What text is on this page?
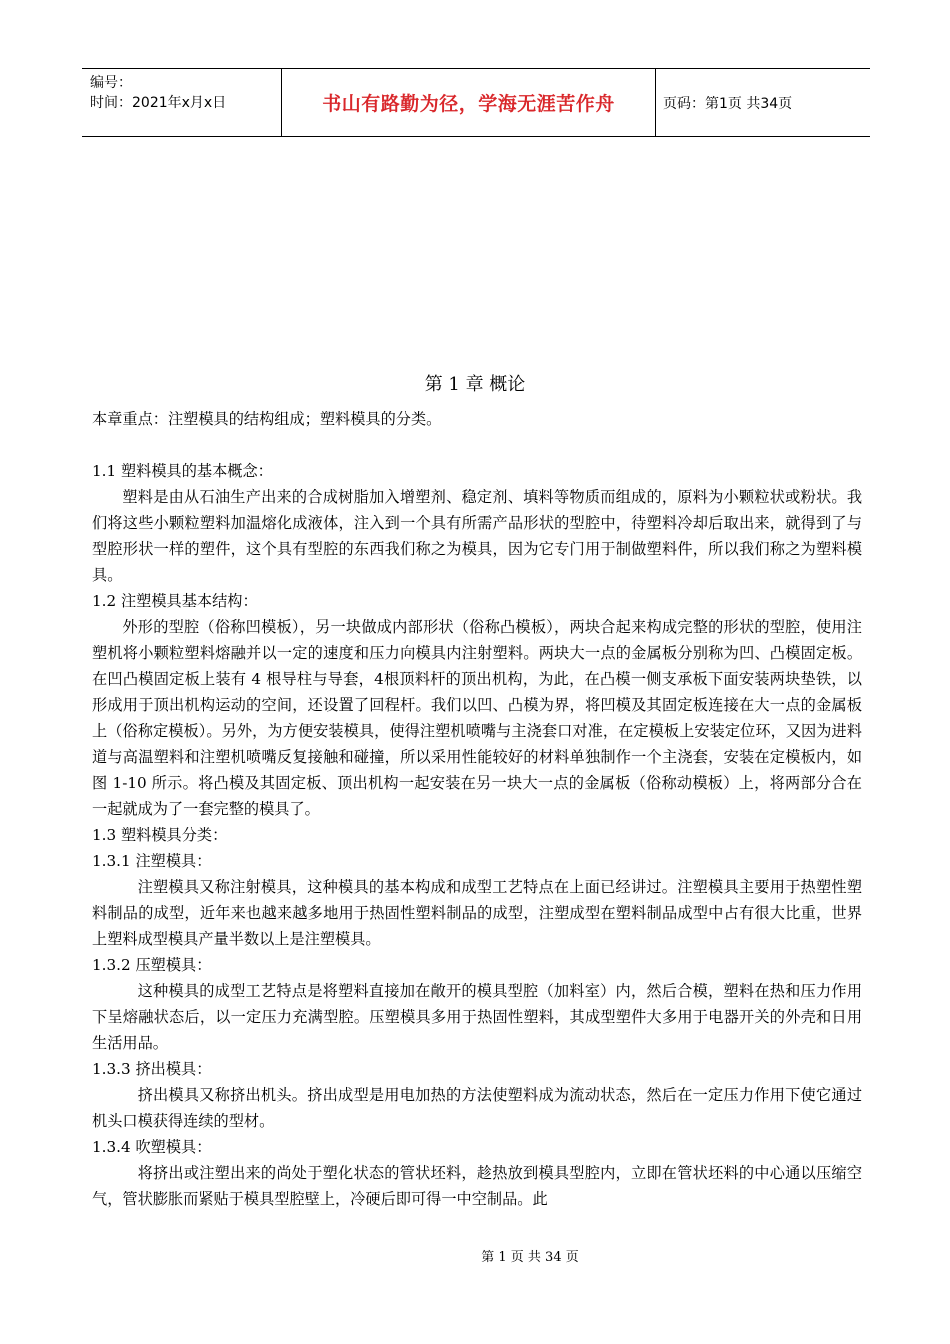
编号：
时间：2021年x月x日	书山有路勤为径，学海无涯苦作舟	页码：第1页 共34页
第 1 章 概论

本章重点：注塑模具的结构组成；塑料模具的分类。

1.1 塑料模具的基本概念：

塑料是由从石油生产出来的合成树脂加入增塑剂、稳定剂、填料等物质而组成的，原料为小颗粒状或粉状。我们将这些小颗粒塑料加温熔化成液体，注入到一个具有所需产品形状的型腔中，待塑料冷却后取出来，就得到了与型腔形状一样的塑件，这个具有型腔的东西我们称之为模具，因为它专门用于制做塑料件，所以我们称之为塑料模具。

1.2 注塑模具基本结构：

外形的型腔（俗称凹模板），另一块做成内部形状（俗称凸模板），两块合起来构成完整的形状的型腔，使用注塑机将小颗粒塑料熔融并以一定的速度和压力向模具内注射塑料。两块大一点的金属板分别称为凹、凸模固定板。在凹凸模固定板上装有 4 根导柱与导套，4根顶料杆的顶出机构，为此，在凸模一侧支承板下面安装两块垫铁，以形成用于顶出机构运动的空间，还设置了回程杆。我们以凹、凸模为界，将凹模及其固定板连接在大一点的金属板上（俗称定模板）。另外，为方便安装模具，使得注塑机喷嘴与主浇套口对准，在定模板上安装定位环，又因为进料道与高温塑料和注塑机喷嘴反复接触和碰撞，所以采用性能较好的材料单独制作一个主浇套，安装在定模板内，如图 1-10 所示。将凸模及其固定板、顶出机构一起安装在另一块大一点的金属板（俗称动模板）上，将两部分合在一起就成为了一套完整的模具了。

1.3 塑料模具分类：

1.3.1 注塑模具：

注塑模具又称注射模具，这种模具的基本构成和成型工艺特点在上面已经讲过。注塑模具主要用于热塑性塑料制品的成型，近年来也越来越多地用于热固性塑料制品的成型，注塑成型在塑料制品成型中占有很大比重，世界上塑料成型模具产量半数以上是注塑模具。

1.3.2 压塑模具：

这种模具的成型工艺特点是将塑料直接加在敞开的模具型腔（加料室）内，然后合模，塑料在热和压力作用下呈熔融状态后，以一定压力充满型腔。压塑模具多用于热固性塑料，其成型塑件大多用于电器开关的外壳和日用生活用品。

1.3.3 挤出模具：

挤出模具又称挤出机头。挤出成型是用电加热的方法使塑料成为流动状态，然后在一定压力作用下使它通过机头口模获得连续的型材。

1.3.4 吹塑模具：

将挤出或注塑出来的尚处于塑化状态的管状坯料，趁热放到模具型腔内，立即在管状坯料的中心通以压缩空气，管状膨胀而紧贴于模具型腔壁上，冷硬后即可得一中空制品。此

第 1 页 共 34 页
